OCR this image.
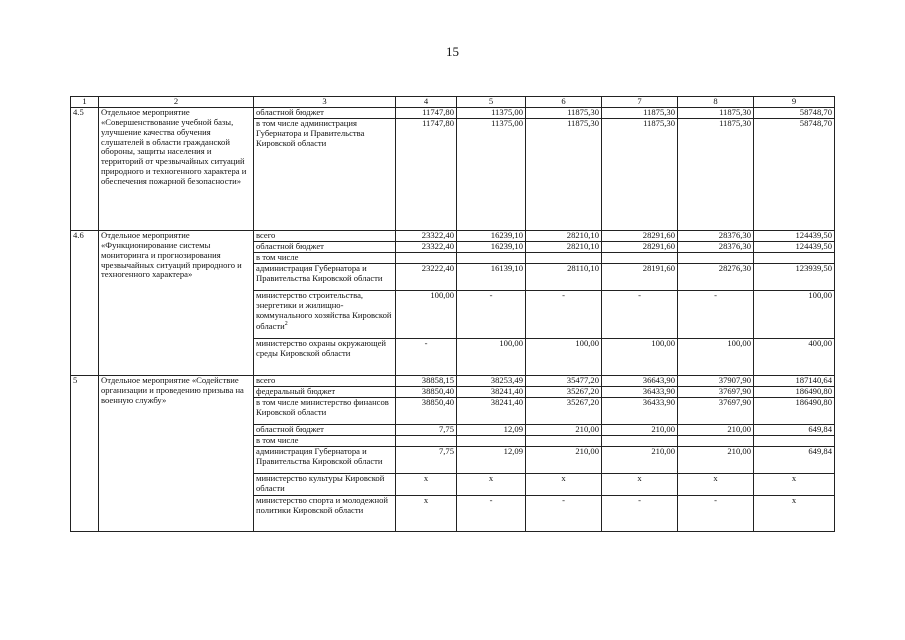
15
1	2	3	4	5	6	7	8	9
4.5	Отдельное мероприятие «Совершенствование учебной базы, улучшение качества обучения слушателей в области гражданской обороны, защиты населения и территорий от чрезвычайных ситуаций природного и техногенного характера и обеспечения пожарной безопасности»	областной бюджет	11747,80	11375,00	11875,30	11875,30	11875,30	58748,70
		в том числе администрация Губернатора и Правительства Кировской области	11747,80	11375,00	11875,30	11875,30	11875,30	58748,70
4.6	Отдельное мероприятие «Функционирование системы мониторинга и прогнозирования чрезвычайных ситуаций природного и техногенного характера»	всего	23322,40	16239,10	28210,10	28291,60	28376,30	124439,50
		областной бюджет	23322,40	16239,10	28210,10	28291,60	28376,30	124439,50
		в том числе						
		администрация Губернатора и Правительства Кировской области	23222,40	16139,10	28110,10	28191,60	28276,30	123939,50
		министерство строительства, энергетики и жилищно-коммунального хозяйства Кировской области$^2$	100,00	-	-	-	-	100,00
		министерство охраны окружающей среды Кировской области	-	100,00	100,00	100,00	100,00	400,00
5	Отдельное мероприятие «Содействие организации и проведению призыва на военную службу»	всего	38858,15	38253,49	35477,20	36643,90	37907,90	187140,64
		федеральный бюджет	38850,40	38241,40	35267,20	36433,90	37697,90	186490,80
		в том числе министерство финансов Кировской области	38850,40	38241,40	35267,20	36433,90	37697,90	186490,80
		областной бюджет	7,75	12,09	210,00	210,00	210,00	649,84
		в том числе						
		администрация Губернатора и Правительства Кировской области	7,75	12,09	210,00	210,00	210,00	649,84
		министерство культуры Кировской области	х	х	х	х	х	х
		министерство спорта и молодежной политики Кировской области	х	-	-	-	-	х
